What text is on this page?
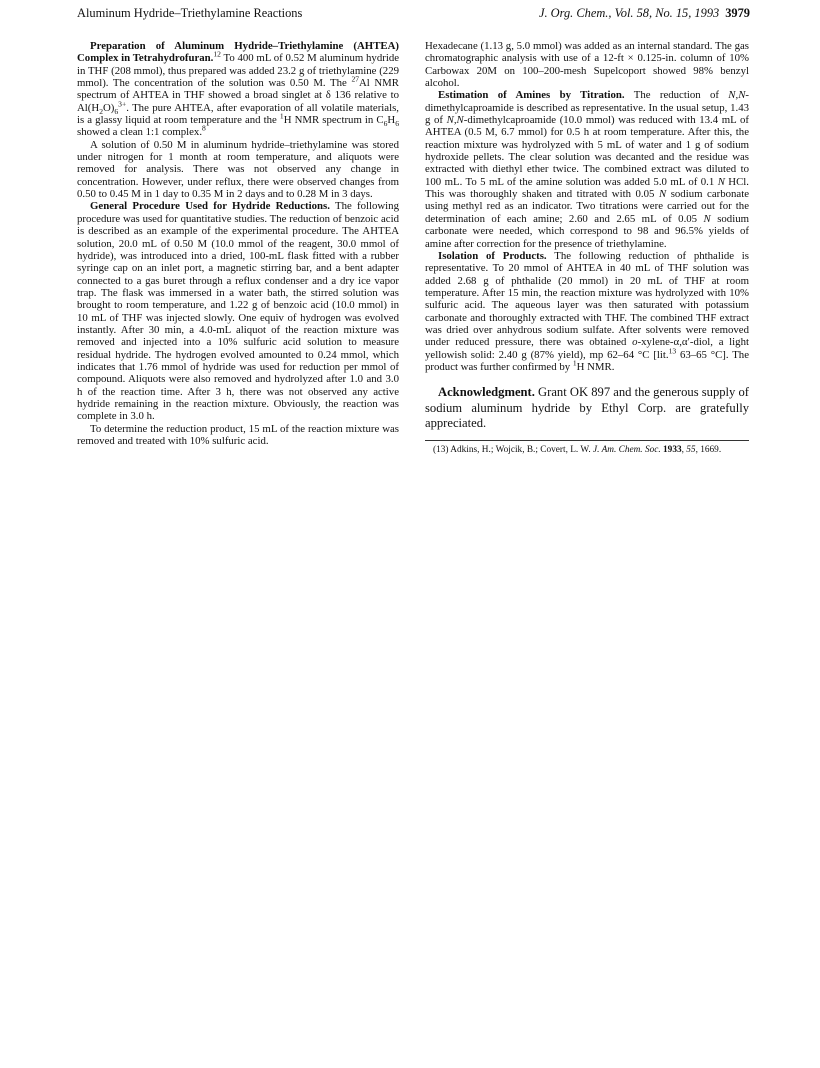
Aluminum Hydride–Triethylamine Reactions	J. Org. Chem., Vol. 58, No. 15, 1993 3979

Preparation of Aluminum Hydride–Triethylamine (AHTEA) Complex in Tetrahydrofuran.$^{12}$ To 400 mL of 0.52 M aluminum hydride in THF (208 mmol), thus prepared was added 23.2 g of triethylamine (229 mmol). The concentration of the solution was 0.50 M. The $^{27}$Al NMR spectrum of AHTEA in THF showed a broad singlet at δ 136 relative to $Al(H_2O)_6^{3+}$. The pure AHTEA, after evaporation of all volatile materials, is a glassy liquid at room temperature and the $^1$H NMR spectrum in $C_6H_6$ showed a clean 1:1 complex.$^8$

A solution of 0.50 M in aluminum hydride–triethylamine was stored under nitrogen for 1 month at room temperature, and aliquots were removed for analysis. There was not observed any change in concentration. However, under reflux, there were observed changes from 0.50 to 0.45 M in 1 day to 0.35 M in 2 days and to 0.28 M in 3 days.

General Procedure Used for Hydride Reductions. The following procedure was used for quantitative studies. The reduction of benzoic acid is described as an example of the experimental procedure. The AHTEA solution, 20.0 mL of 0.50 M (10.0 mmol of the reagent, 30.0 mmol of hydride), was introduced into a dried, 100-mL flask fitted with a rubber syringe cap on an inlet port, a magnetic stirring bar, and a bent adapter connected to a gas buret through a reflux condenser and a dry ice vapor trap. The flask was immersed in a water bath, the stirred solution was brought to room temperature, and 1.22 g of benzoic acid (10.0 mmol) in 10 mL of THF was injected slowly. One equiv of hydrogen was evolved instantly. After 30 min, a 4.0-mL aliquot of the reaction mixture was removed and injected into a 10% sulfuric acid solution to measure residual hydride. The hydrogen evolved amounted to 0.24 mmol, which indicates that 1.76 mmol of hydride was used for reduction per mmol of compound. Aliquots were also removed and hydrolyzed after 1.0 and 3.0 h of the reaction time. After 3 h, there was not observed any active hydride remaining in the reaction mixture. Obviously, the reaction was complete in 3.0 h.

To determine the reduction product, 15 mL of the reaction mixture was removed and treated with 10% sulfuric acid.

Hexadecane (1.13 g, 5.0 mmol) was added as an internal standard. The gas chromatographic analysis with use of a 12-ft × 0.125-in. column of 10% Carbowax 20M on 100–200-mesh Supelcoport showed 98% benzyl alcohol.

Estimation of Amines by Titration. The reduction of N,N-dimethylcaproamide is described as representative. In the usual setup, 1.43 g of N,N-dimethylcaproamide (10.0 mmol) was reduced with 13.4 mL of AHTEA (0.5 M, 6.7 mmol) for 0.5 h at room temperature. After this, the reaction mixture was hydrolyzed with 5 mL of water and 1 g of sodium hydroxide pellets. The clear solution was decanted and the residue was extracted with diethyl ether twice. The combined extract was diluted to 100 mL. To 5 mL of the amine solution was added 5.0 mL of 0.1 N HCl. This was thoroughly shaken and titrated with 0.05 N sodium carbonate using methyl red as an indicator. Two titrations were carried out for the determination of each amine; 2.60 and 2.65 mL of 0.05 N sodium carbonate were needed, which correspond to 98 and 96.5% yields of amine after correction for the presence of triethylamine.

Isolation of Products. The following reduction of phthalide is representative. To 20 mmol of AHTEA in 40 mL of THF solution was added 2.68 g of phthalide (20 mmol) in 20 mL of THF at room temperature. After 15 min, the reaction mixture was hydrolyzed with 10% sulfuric acid. The aqueous layer was then saturated with potassium carbonate and thoroughly extracted with THF. The combined THF extract was dried over anhydrous sodium sulfate. After solvents were removed under reduced pressure, there was obtained o-xylene-α,α′-diol, a light yellowish solid: 2.40 g (87% yield), mp 62–64 °C [lit.$^{13}$ 63–65 °C]. The product was further confirmed by $^1$H NMR.

Acknowledgment. Grant OK 897 and the generous supply of sodium aluminum hydride by Ethyl Corp. are gratefully appreciated.

(13) Adkins, H.; Wojcik, B.; Covert, L. W. J. Am. Chem. Soc. 1933, 55, 1669.
